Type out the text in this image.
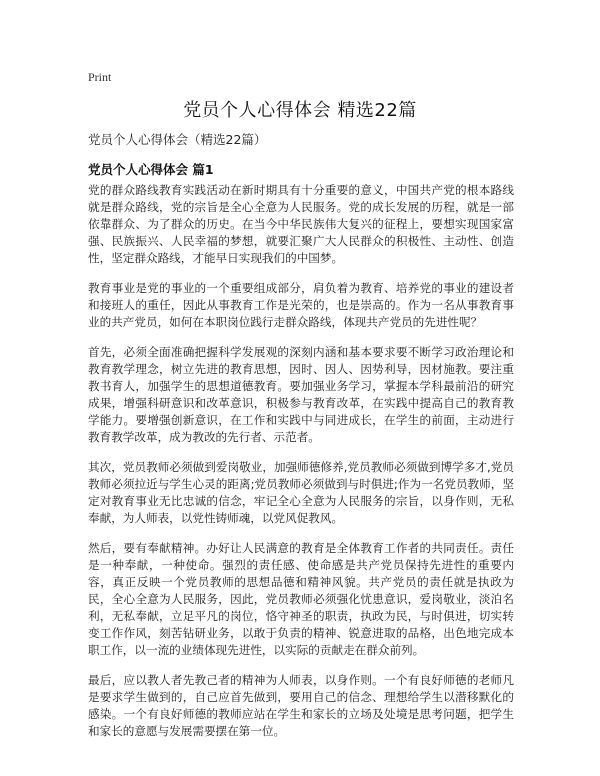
Print
党员个人心得体会 精选22篇

党员个人心得体会（精选22篇）

党员个人心得体会 篇1

党的群众路线教育实践活动在新时期具有十分重要的意义，中国共产党的根本路线就是群众路线，党的宗旨是全心全意为人民服务。党的成长发展的历程，就是一部依靠群众、为了群众的历史。在当今中华民族伟大复兴的征程上，要想实现国家富强、民族振兴、人民幸福的梦想，就要汇聚广大人民群众的积极性、主动性、创造性，坚定群众路线，才能早日实现我们的中国梦。

教育事业是党的事业的一个重要组成部分，肩负着为教育、培养党的事业的建设者和接班人的重任，因此从事教育工作是光荣的，也是崇高的。作为一名从事教育事业的共产党员，如何在本职岗位践行走群众路线，体现共产党员的先进性呢？

首先，必须全面准确把握科学发展观的深刻内涵和基本要求要不断学习政治理论和教育教学理念，树立先进的教育思想，因时、因人、因势利导，因材施教。要注重教书育人，加强学生的思想道德教育。要加强业务学习，掌握本学科最前沿的研究成果，增强科研意识和改革意识，积极参与教育改革，在实践中提高自己的教育教学能力。要增强创新意识，在工作和实践中与同进成长，在学生的前面，主动进行教育教学改革，成为教改的先行者、示范者。

其次，党员教师必须做到爱岗敬业，加强师德修养,党员教师必须做到博学多才,党员教师必须拉近与学生心灵的距离;党员教师必须做到与时俱进;作为一名党员教师，坚定对教育事业无比忠诚的信念，牢记全心全意为人民服务的宗旨，以身作则，无私奉献，为人师表，以党性铸师魂，以党风促教风。

然后，要有奉献精神。办好让人民满意的教育是全体教育工作者的共同责任。责任是一种奉献，一种使命。强烈的责任感、使命感是共产党员保持先进性的重要内容，真正反映一个党员教师的思想品德和精神风貌。共产党员的责任就是执政为民，全心全意为人民服务，因此，党员教师必须强化忧患意识，爱岗敬业，淡泊名利，无私奉献，立足平凡的岗位，恪守神圣的职责，执政为民，与时俱进，切实转变工作作风，刻苦钻研业务，以敢于负责的精神、锐意进取的品格，出色地完成本职工作，以一流的业绩体现先进性，以实际的贡献走在群众前列。

最后，应以教人者先教己者的精神为人师表，以身作则。一个有良好师德的老师凡是要求学生做到的，自己应首先做到，要用自己的信念、理想给学生以潜移默化的感染。一个有良好师德的教师应站在学生和家长的立场及处境是思考问题，把学生和家长的意愿与发展需要摆在第一位。
